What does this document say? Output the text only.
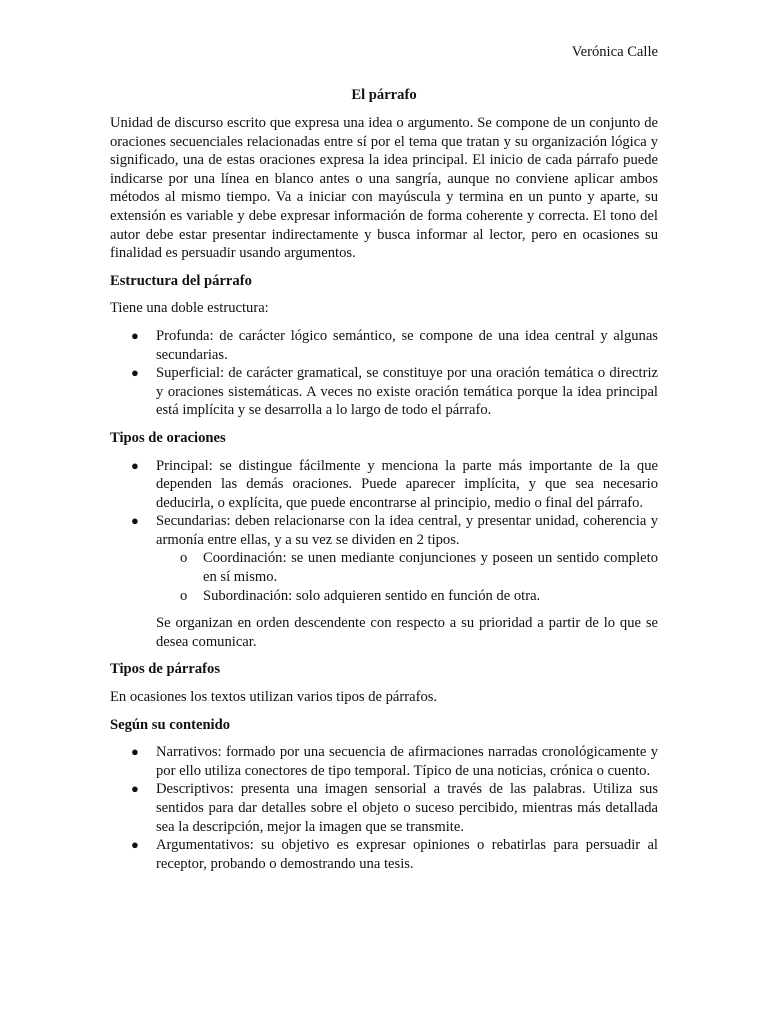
Verónica Calle
El párrafo

Unidad de discurso escrito que expresa una idea o argumento. Se compone de un conjunto de oraciones secuenciales relacionadas entre sí por el tema que tratan y su organización lógica y significado, una de estas oraciones expresa la idea principal. El inicio de cada párrafo puede indicarse por una línea en blanco antes o una sangría, aunque no conviene aplicar ambos métodos al mismo tiempo. Va a iniciar con mayúscula y termina en un punto y aparte, su extensión es variable y debe expresar información de forma coherente y correcta. El tono del autor debe estar presentar indirectamente y busca informar al lector, pero en ocasiones su finalidad es persuadir usando argumentos.

Estructura del párrafo

Tiene una doble estructura:

● Profunda: de carácter lógico semántico, se compone de una idea central y algunas secundarias.
● Superficial: de carácter gramatical, se constituye por una oración temática o directriz y oraciones sistemáticas. A veces no existe oración temática porque la idea principal está implícita y se desarrolla a lo largo de todo el párrafo.
Tipos de oraciones
● Principal: se distingue fácilmente y menciona la parte más importante de la que dependen las demás oraciones. Puede aparecer implícita, y que sea necesario deducirla, o explícita, que puede encontrarse al principio, medio o final del párrafo.
● Secundarias: deben relacionarse con la idea central, y presentar unidad, coherencia y armonía entre ellas, y a su vez se dividen en 2 tipos.
o Coordinación: se unen mediante conjunciones y poseen un sentido completo en sí mismo.
o Subordinación: solo adquieren sentido en función de otra.

Se organizan en orden descendente con respecto a su prioridad a partir de lo que se desea comunicar.

Tipos de párrafos

En ocasiones los textos utilizan varios tipos de párrafos.

Según su contenido
● Narrativos: formado por una secuencia de afirmaciones narradas cronológicamente y por ello utiliza conectores de tipo temporal. Típico de una noticias, crónica o cuento.
● Descriptivos: presenta una imagen sensorial a través de las palabras. Utiliza sus sentidos para dar detalles sobre el objeto o suceso percibido, mientras más detallada sea la descripción, mejor la imagen que se transmite.
● Argumentativos: su objetivo es expresar opiniones o rebatirlas para persuadir al receptor, probando o demostrando una tesis.
